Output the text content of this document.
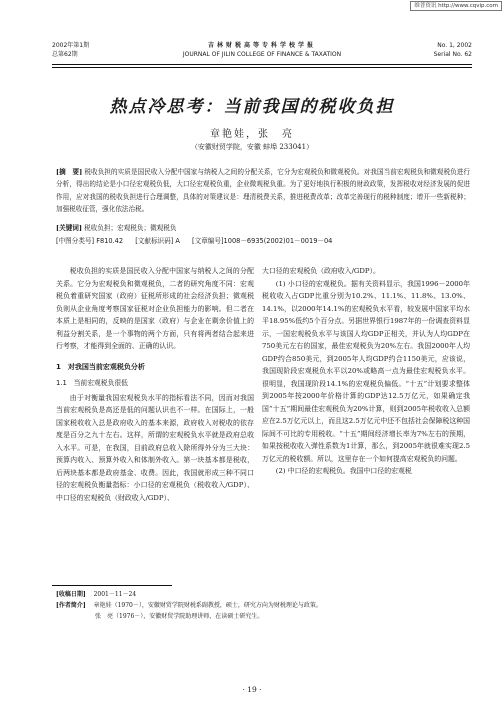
维普资讯 http://www.cqvip.com
2002年第1期
总第62期
吉林财税高等专科学校学报
JOURNAL OF JILIN COLLEGE OF FINANCE & TAXATION
No. 1, 2002
Serial No. 62
热点冷思考：当前我国的税收负担
章艳娃，张　亮
（安徽财贸学院，安徽 蚌埠 233041）
[摘　要] 税收负担的实质是国民收入分配中国家与纳税人之间的分配关系，它分为宏观税负和微观税负。对我国当前宏观税负和微观税负进行分析，得出的结论是小口径宏观税负低，大口径宏观税负重，企业微观税负重。为了更好地执行积极的财政政策，发挥税收对经济发展的促进作用，应对我国的税收负担进行合理调整，具体的对策建议是：理清税费关系，推进税费改革；改革完善现行的税种制度；增开一些新税种；加强税收征管，强化依法治税。
[关键词] 税收负担；宏观税负；微观税负
[中图分类号] F810.42 [文献标识码] A [文章编号]1008－6935(2002)01－0019－04

税收负担的实质是国民收入分配中国家与纳税人之间的分配关系。它分为宏观税负和微观税负，二者的研究角度不同：宏观税负着重研究国家（政府）征税所形成的社会经济负担；微观税负则从企业角度考察国家征税对企业负担能力的影响。但二者在本质上是相同的，反映的是国家（政府）与企业在剩余价值上的利益分割关系，是一个事物的两个方面，只有将两者结合起来进行考察，才能得到全面的、正确的认识。

1　对我国当前宏观税负分析

1.1　当前宏观税负很低

由于对衡量我国宏观税负水平的指标看法不同，因而对我国当前宏观税负是高还是低的问题认识也不一样。在国际上，一般国家税收收入总是政府收入的基本来源，政府收入对税收的依存度是百分之九十左右。这样，所谓的宏观税负水平就是政府总收入水平。可是，在我国，目前政府总收入除所得外分为三大块：预算内收入、预算外收入和体制外收入。第一块基本都是税收，后两块基本都是政府基金、收费。因此，我国就形成三种不同口径的宏观税负衡量指标：小口径的宏观税负（税收收入/GDP）、中口径的宏观税负（财政收入/GDP）、

大口径的宏观税负（政府收入/GDP）。

(1) 小口径的宏观税负。据有关资料显示，我国1996－2000年税收收入占GDP比重分别为10.2%、11.1%、11.8%、13.0%、14.1%，以2000年14.1%的宏观税负水平看，较发展中国家平均水平18.95%低约5个百分点。另据世界银行1987年的一份调查资料显示，一国宏观税负水平与该国人均GDP正相关，并认为人均GDP在750美元左右的国家，最佳宏观税负为20%左右。我国2000年人均GDP约合850美元，到2005年人均GDP约合1150美元，应该说，我国现阶段宏观税负水平以20%或略高一点为最佳宏观税负水平。很明显，我国现阶段14.1%的宏观税负偏低。“十五”计划要求整体到2005年按2000年价格计算的GDP达12.5万亿元，如果确定我国“十五”期间最佳宏观税负为20%计算，则到2005年税收收入总额应在2.5万亿元以上，而且这2.5万亿元中还不包括社会保障税这种国际间不可比的专用税收。“十五”期间经济增长率为7%左右的预期，如果按税收收入弹性系数为1计算，那么，到2005年就很难实现2.5万亿元的税收额。所以，这里存在一个如何提高宏观税负的问题。

(2) 中口径的宏观税负。我国中口径的宏观税

[收稿日期] 2001－11－24
[作者简介] 章艳娃（1970－），安徽财贸学院财税系副教授，硕士，研究方向为财税理论与政策。
张　亮（1976－），安徽财贸学院助理讲师，在读硕士研究生。
· 19 ·
